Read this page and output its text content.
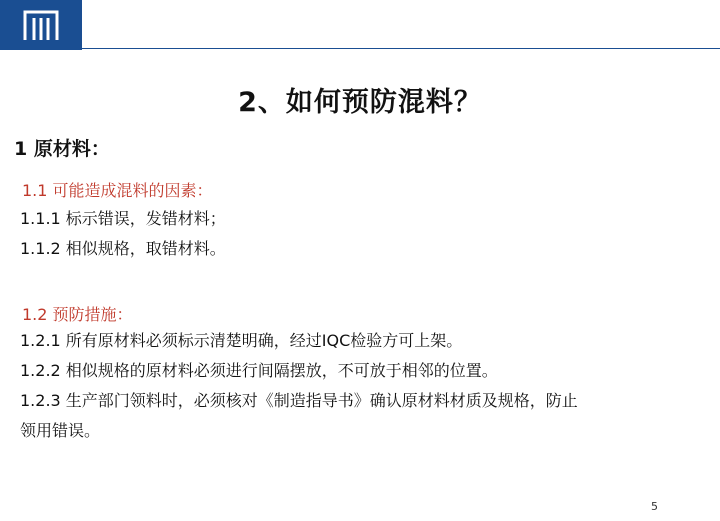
2、如何预防混料？
1 原材料：
1.1 可能造成混料的因素：
1.1.1 标示错误，发错材料；
1.1.2 相似规格，取错材料。
1.2 预防措施：
1.2.1 所有原材料必须标示清楚明确，经过IQC检验方可上架。
1.2.2 相似规格的原材料必须进行间隔摆放，不可放于相邻的位置。
1.2.3 生产部门领料时，必须核对《制造指导书》确认原材料材质及规格，防止
领用错误。
5
